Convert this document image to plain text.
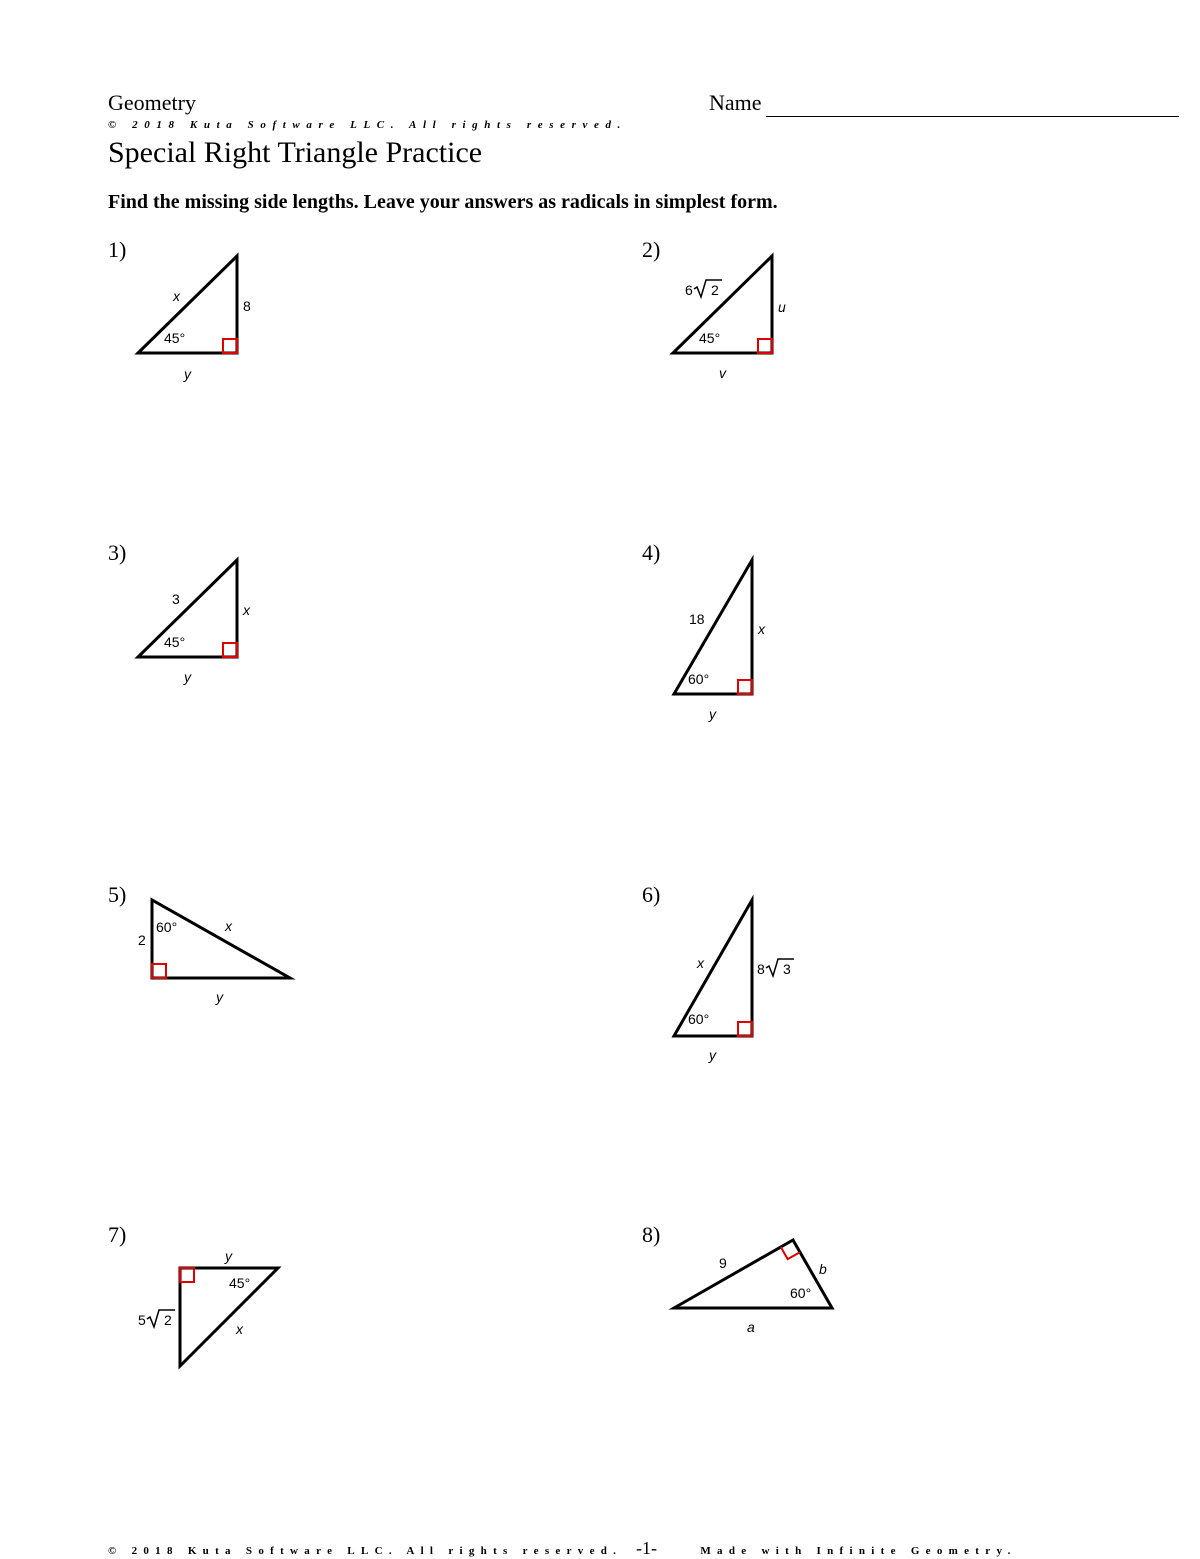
Geometry	Name
© 2018 Kuta Software LLC. All rights reserved.
Special Right Triangle Practice
Find the missing side lengths. Leave your answers as radicals in simplest form.
1)	2)
3)	4)
5)	6)
7)	8)
x
8
y
45°
6 2
u
v
45°
3
x
y
45°
18
x
y
60°
2
x
y
60°
x	8 3
y
60°
y
5 2
x
45°
9	b
a
60°
© 2018 Kuta Software LLC. All rights reserved.	Made with Infinite Geometry.
-1-
